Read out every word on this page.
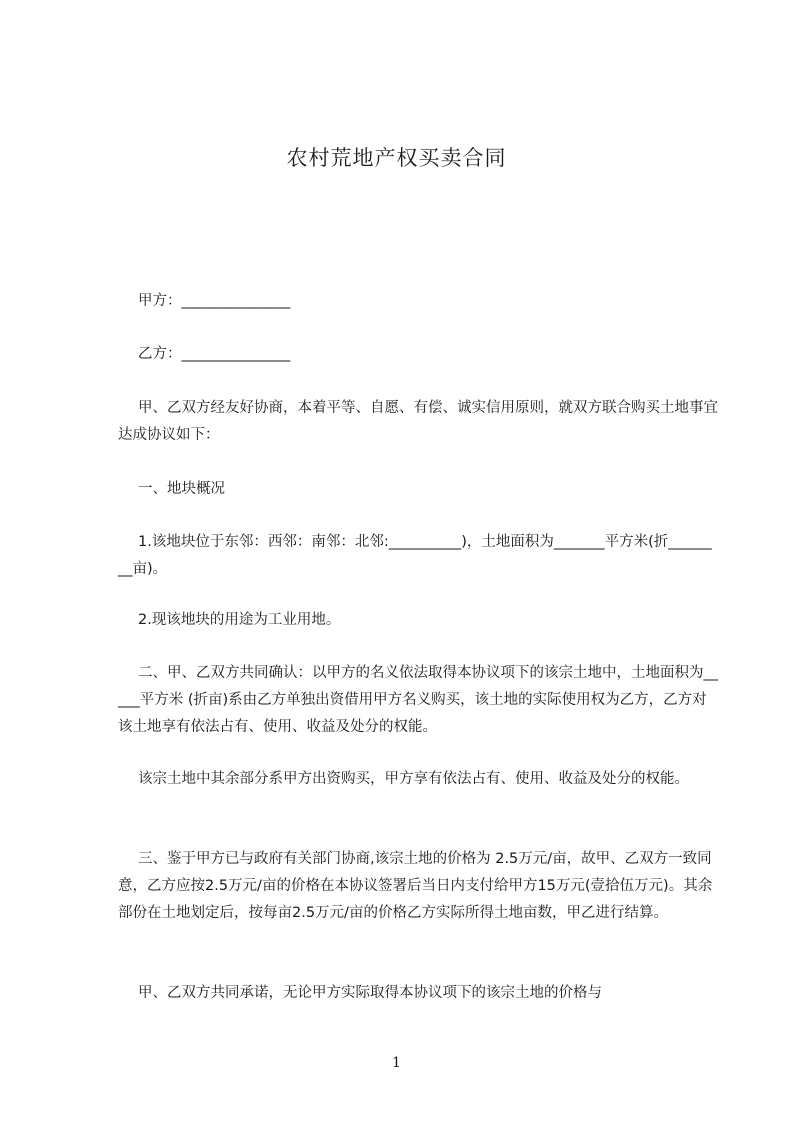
农村荒地产权买卖合同

甲方：_______________

乙方：_______________

甲、乙双方经友好协商，本着平等、自愿、有偿、诚实信用原则，就双方联合购买土地事宜达成协议如下：

一、地块概况

1.该地块位于东邻：西邻：南邻：北邻:__________)，土地面积为_______平方米(折________亩)。

2.现该地块的用途为工业用地。

二、甲、乙双方共同确认：以甲方的名义依法取得本协议项下的该宗土地中，土地面积为_____平方米 (折亩)系由乙方单独出资借用甲方名义购买，该土地的实际使用权为乙方，乙方对该土地享有依法占有、使用、收益及处分的权能。

该宗土地中其余部分系甲方出资购买，甲方享有依法占有、使用、收益及处分的权能。

三、鉴于甲方已与政府有关部门协商,该宗土地的价格为 2.5万元/亩，故甲、乙双方一致同意，乙方应按2.5万元/亩的价格在本协议签署后当日内支付给甲方15万元(壹拾伍万元)。其余部份在土地划定后，按每亩2.5万元/亩的价格乙方实际所得土地亩数，甲乙进行结算。

甲、乙双方共同承诺，无论甲方实际取得本协议项下的该宗土地的价格与

1
